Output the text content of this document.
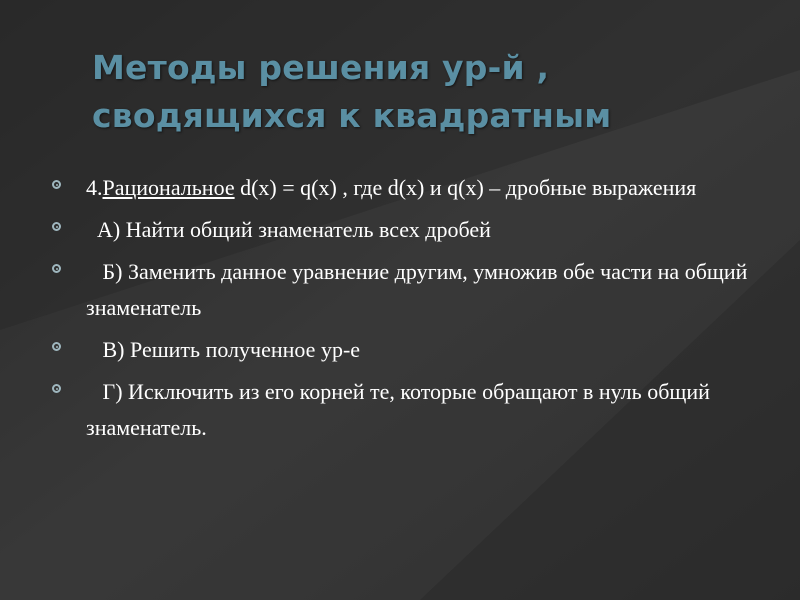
Методы решения ур-й ,
сводящихся к квадратным
4.Рациональное d(x) = q(x) , где d(x) и q(x) – дробные выражения
А) Найти общий знаменатель всех дробей
Б) Заменить данное уравнение другим, умножив обе части на общий знаменатель
В) Решить полученное ур-е
Г) Исключить из его корней те, которые обращают в нуль общий знаменатель.
